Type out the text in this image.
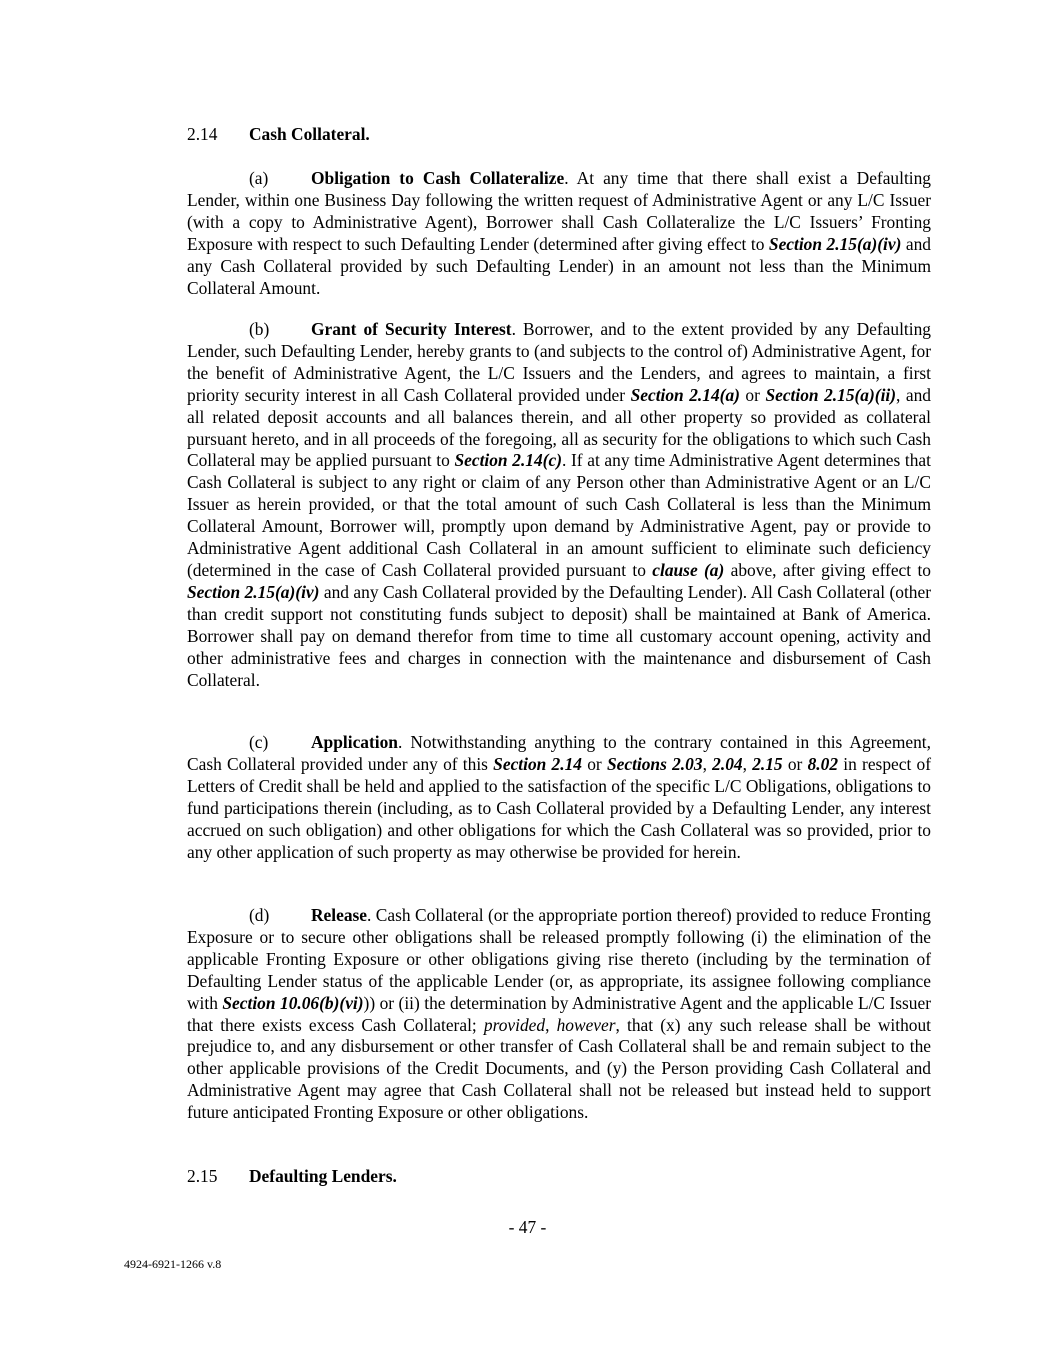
2.14 Cash Collateral.

(a) Obligation to Cash Collateralize. At any time that there shall exist a Defaulting Lender, within one Business Day following the written request of Administrative Agent or any L/C Issuer (with a copy to Administrative Agent), Borrower shall Cash Collateralize the L/C Issuers’ Fronting Exposure with respect to such Defaulting Lender (determined after giving effect to Section 2.15(a)(iv) and any Cash Collateral provided by such Defaulting Lender) in an amount not less than the Minimum Collateral Amount.

(b) Grant of Security Interest. Borrower, and to the extent provided by any Defaulting Lender, such Defaulting Lender, hereby grants to (and subjects to the control of) Administrative Agent, for the benefit of Administrative Agent, the L/C Issuers and the Lenders, and agrees to maintain, a first priority security interest in all Cash Collateral provided under Section 2.14(a) or Section 2.15(a)(ii), and all related deposit accounts and all balances therein, and all other property so provided as collateral pursuant hereto, and in all proceeds of the foregoing, all as security for the obligations to which such Cash Collateral may be applied pursuant to Section 2.14(c). If at any time Administrative Agent determines that Cash Collateral is subject to any right or claim of any Person other than Administrative Agent or an L/C Issuer as herein provided, or that the total amount of such Cash Collateral is less than the Minimum Collateral Amount, Borrower will, promptly upon demand by Administrative Agent, pay or provide to Administrative Agent additional Cash Collateral in an amount sufficient to eliminate such deficiency (determined in the case of Cash Collateral provided pursuant to clause (a) above, after giving effect to Section 2.15(a)(iv) and any Cash Collateral provided by the Defaulting Lender). All Cash Collateral (other than credit support not constituting funds subject to deposit) shall be maintained at Bank of America. Borrower shall pay on demand therefor from time to time all customary account opening, activity and other administrative fees and charges in connection with the maintenance and disbursement of Cash Collateral.

(c) Application. Notwithstanding anything to the contrary contained in this Agreement, Cash Collateral provided under any of this Section 2.14 or Sections 2.03, 2.04, 2.15 or 8.02 in respect of Letters of Credit shall be held and applied to the satisfaction of the specific L/C Obligations, obligations to fund participations therein (including, as to Cash Collateral provided by a Defaulting Lender, any interest accrued on such obligation) and other obligations for which the Cash Collateral was so provided, prior to any other application of such property as may otherwise be provided for herein.

(d) Release. Cash Collateral (or the appropriate portion thereof) provided to reduce Fronting Exposure or to secure other obligations shall be released promptly following (i) the elimination of the applicable Fronting Exposure or other obligations giving rise thereto (including by the termination of Defaulting Lender status of the applicable Lender (or, as appropriate, its assignee following compliance with Section 10.06(b)(vi))) or (ii) the determination by Administrative Agent and the applicable L/C Issuer that there exists excess Cash Collateral; provided, however, that (x) any such release shall be without prejudice to, and any disbursement or other transfer of Cash Collateral shall be and remain subject to the other applicable provisions of the Credit Documents, and (y) the Person providing Cash Collateral and Administrative Agent may agree that Cash Collateral shall not be released but instead held to support future anticipated Fronting Exposure or other obligations.

2.15 Defaulting Lenders.
- 47 -
4924-6921-1266 v.8
